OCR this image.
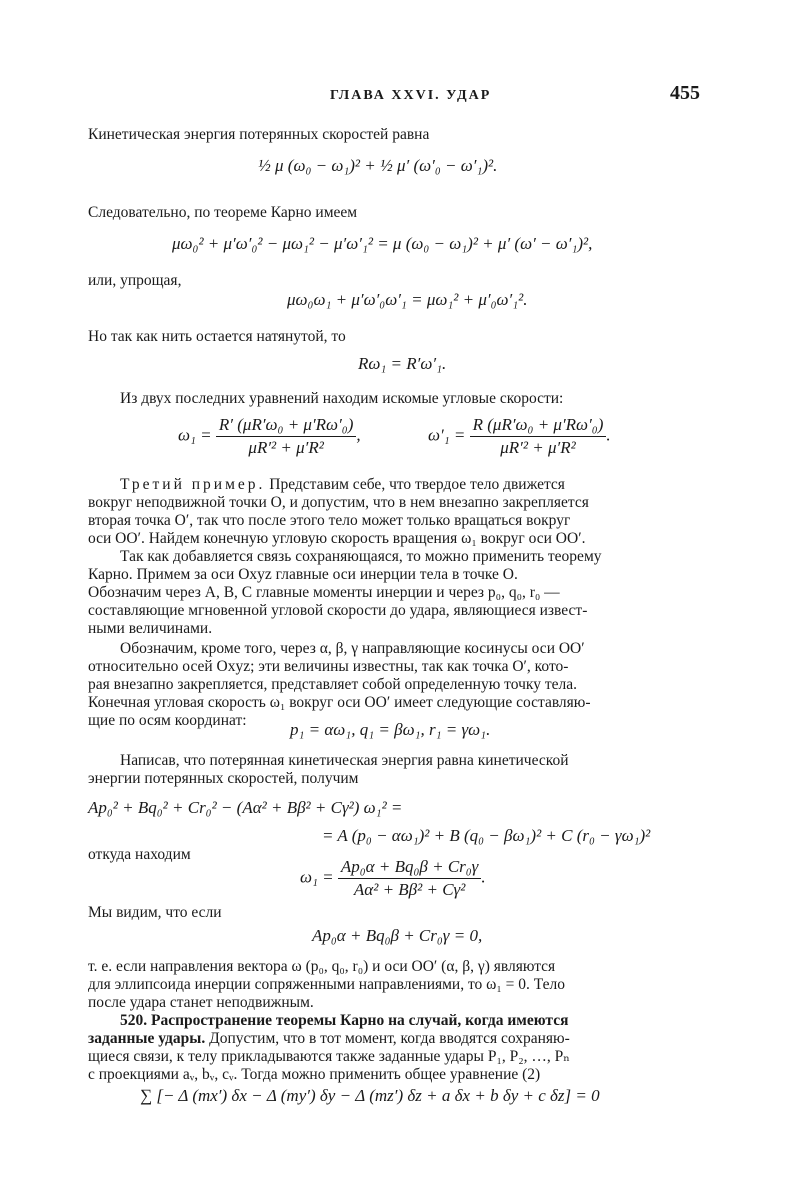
ГЛАВА XXVI. УДАР	455
Кинетическая энергия потерянных скоростей равна
½ μ (ω₀ − ω₁)² + ½ μ′ (ω′₀ − ω′₁)².
Следовательно, по теореме Карно имеем
μω₀² + μ′ω′₀² − μω₁² − μ′ω′₁² = μ (ω₀ − ω₁)² + μ′ (ω′ − ω′₁)²,
или, упрощая,
μω₀ω₁ + μ′ω′₀ω′₁ = μω₁² + μ′₀ω′₁².
Но так как нить остается натянутой, то
Rω₁ = R′ω′₁.
Из двух последних уравнений находим искомые угловые скорости:
$\omega_1 = \frac{\text{R′ (μR′ω₀ + μ′Rω′₀)}}{\text{μR′² + μ′R²}}$ ,	$\omega'_1 = \frac{\text{R (μR′ω₀ + μ′Rω′₀)}}{\text{μR′² + μ′R²}}$ .
Третий пример. Представим себе, что твердое тело движется
вокруг неподвижной точки O, и допустим, что в нем внезапно закрепляется
вторая точка O′, так что после этого тело может только вращаться вокруг
оси OO′. Найдем конечную угловую скорость вращения ω₁ вокруг оси OO′.
Так как добавляется связь сохраняющаяся, то можно применить теорему
Карно. Примем за оси Oxyz главные оси инерции тела в точке O.
Обозначим через A, B, C главные моменты инерции и через p₀, q₀, r₀ —
составляющие мгновенной угловой скорости до удара, являющиеся извест-
ными величинами.
Обозначим, кроме того, через α, β, γ направляющие косинусы оси OO′
относительно осей Oxyz; эти величины известны, так как точка O′, кото-
рая внезапно закрепляется, представляет собой определенную точку тела.
Конечная угловая скорость ω₁ вокруг оси OO′ имеет следующие составляю-
щие по осям координат:	p₁ = αω₁, q₁ = βω₁, r₁ = γω₁.
Написав, что потерянная кинетическая энергия равна кинетической
энергии потерянных скоростей, получим
Ap₀² + Bq₀² + Cr₀² − (Aα² + Bβ² + Cγ²) ω₁² =
= A (p₀ − αω₁)² + B (q₀ − βω₁)² + C (r₀ − γω₁)²
откуда находим
$\omega_1 = \frac{\text{Ap₀α + Bq₀β + Cr₀γ}}{\text{Aα² + Bβ² + Cγ²}}$ .
Мы видим, что если
Ap₀α + Bq₀β + Cr₀γ = 0,
т. е. если направления вектора ω (p₀, q₀, r₀) и оси OO′ (α, β, γ) являются
для эллипсоида инерции сопряженными направлениями, то ω₁ = 0. Тело
после удара станет неподвижным.
520. Распространение теоремы Карно на случай, когда имеются
заданные удары. Допустим, что в тот момент, когда вводятся сохраняю-
щиеся связи, к телу прикладываются также заданные удары P₁, P₂, …, Pₙ
с проекциями aᵥ, bᵥ, cᵥ. Тогда можно применить общее уравнение (2)
∑ [− Δ (mx′) δx − Δ (my′) δy − Δ (mz′) δz + a δx + b δy + c δz] = 0
